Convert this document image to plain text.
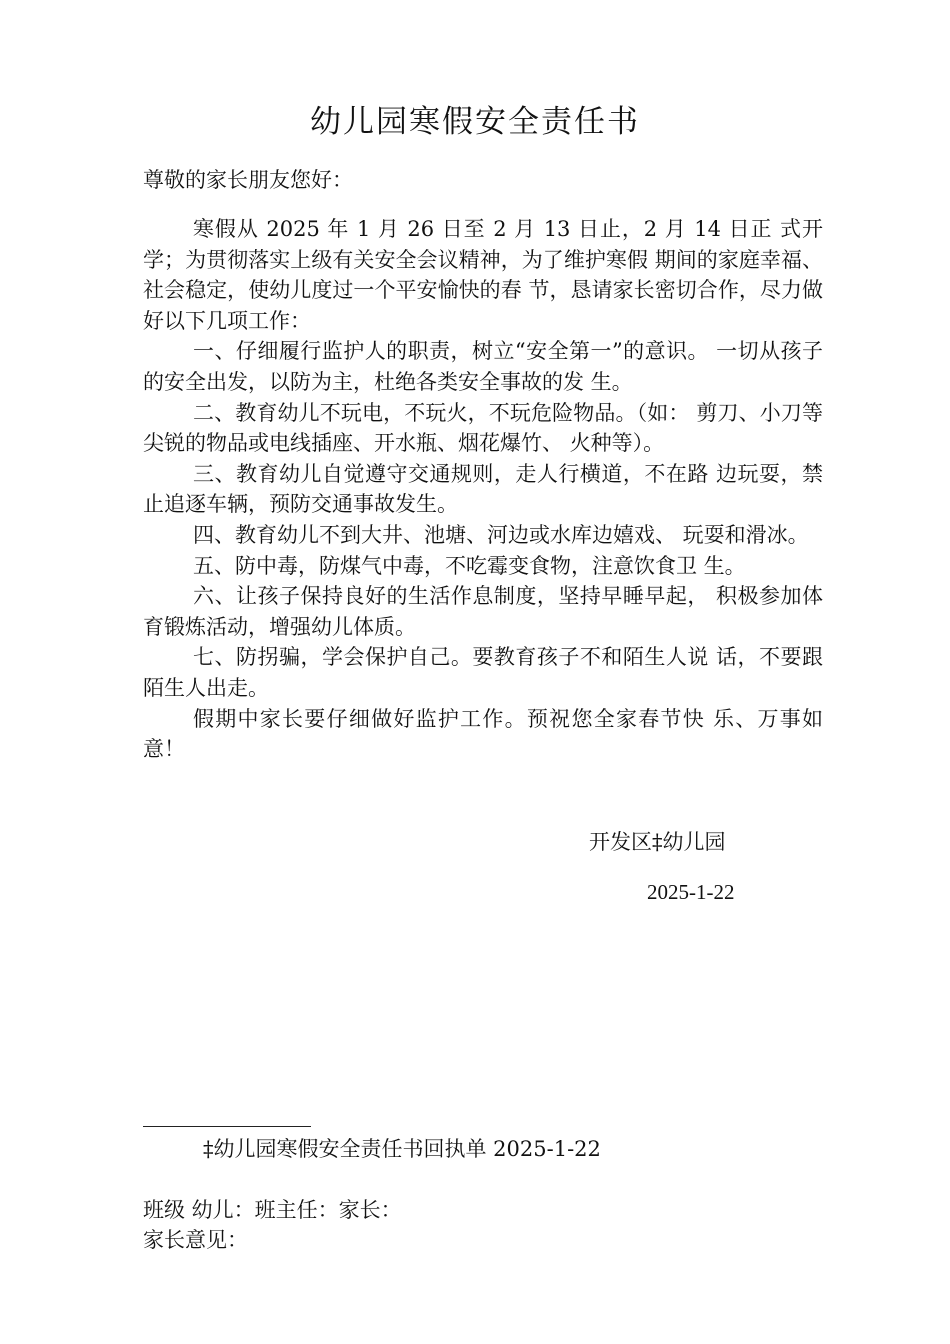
幼儿园寒假安全责任书
尊敬的家长朋友您好：

寒假从 2025 年 1 月 26 日至 2 月 13 日止，2 月 14 日正 式开学；为贯彻落实上级有关安全会议精神，为了维护寒假 期间的家庭幸福、社会稳定，使幼儿度过一个平安愉快的春 节，恳请家长密切合作，尽力做好以下几项工作：

一、仔细履行监护人的职责，树立“安全第一”的意识。 一切从孩子的安全出发，以防为主，杜绝各类安全事故的发 生。

二、教育幼儿不玩电，不玩火，不玩危险物品。（如： 剪刀、小刀等尖锐的物品或电线插座、开水瓶、烟花爆竹、 火种等）。

三、教育幼儿自觉遵守交通规则，走人行横道，不在路 边玩耍，禁止追逐车辆，预防交通事故发生。

四、教育幼儿不到大井、池塘、河边或水库边嬉戏、 玩耍和滑冰。

五、防中毒，防煤气中毒，不吃霉变食物，注意饮食卫 生。

六、让孩子保持良好的生活作息制度，坚持早睡早起， 积极参加体育锻炼活动，增强幼儿体质。

七、防拐骗，学会保护自己。要教育孩子不和陌生人说 话，不要跟陌生人出走。

假期中家长要仔细做好监护工作。预祝您全家春节快 乐、万事如意！

开发区‡幼儿园
2025-1-22
‡幼儿园寒假安全责任书回执单 2025-1-22
班级 幼儿：班主任：家长：
家长意见：
